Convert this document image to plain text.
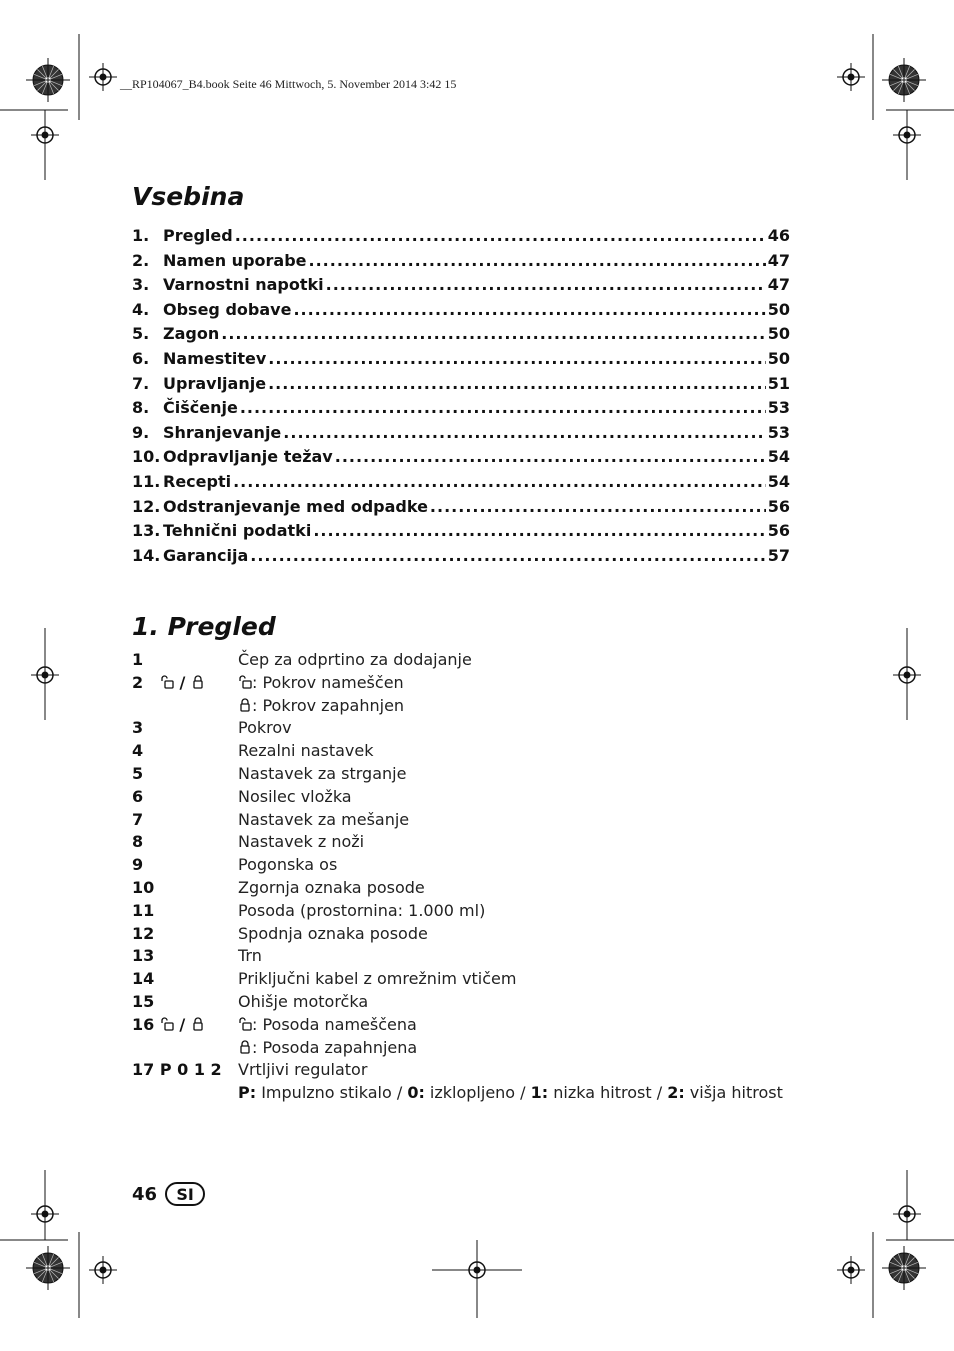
__RP104067_B4.book Seite 46 Mittwoch, 5. November 2014 3:42 15
Vsebina
1. Pregled .....	46
2. Namen uporabe .....	47
3. Varnostni napotki .....	47
4. Obseg dobave .....	50
5. Zagon .....	50
6. Namestitev .....	50
7. Upravljanje .....	51
8. Čiščenje .....	53
9. Shranjevanje .....	53
10. Odpravljanje težav .....	54
11. Recepti .....	54
12. Odstranjevanje med odpadke .....	56
13. Tehnični podatki .....	56
14. Garancija .....	57
1. Pregled
1	Čep za odprtino za dodajanje
2 /	: Pokrov nameščen
: Pokrov zapahnjen
3	Pokrov
4	Rezalni nastavek
5	Nastavek za strganje
6	Nosilec vložka
7	Nastavek za mešanje
8	Nastavek z noži
9	Pogonska os
10	Zgornja oznaka posode
11	Posoda (prostornina: 1.000 ml)
12	Spodnja oznaka posode
13	Trn
14	Priključni kabel z omrežnim vtičem
15	Ohišje motorčka
16 /	: Posoda nameščena
: Posoda zapahnjena
17 P 0 1 2	Vrtljivi regulator
P: Impulzno stikalo / 0: izklopljeno / 1: nizka hitrost / 2: višja hitrost
46	SI
